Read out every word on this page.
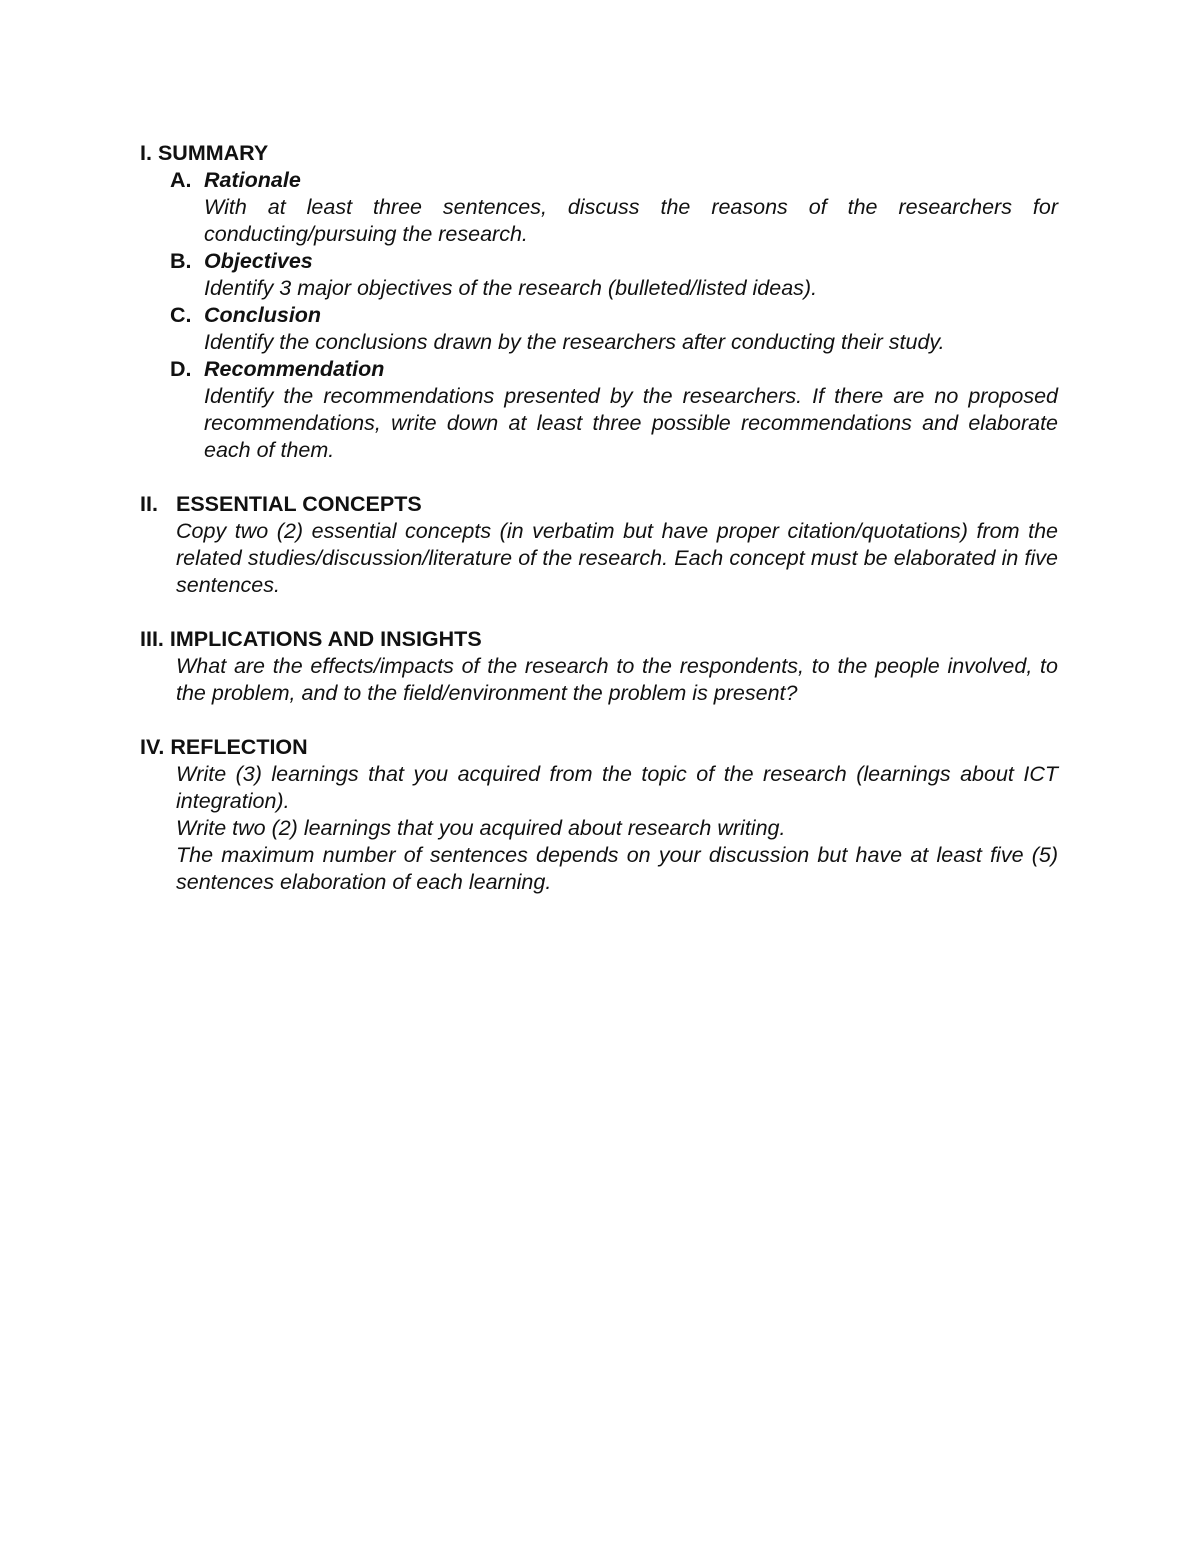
I. SUMMARY
A. Rationale
With at least three sentences, discuss the reasons of the researchers for conducting/pursuing the research.
B. Objectives
Identify 3 major objectives of the research (bulleted/listed ideas).
C. Conclusion
Identify the conclusions drawn by the researchers after conducting their study.
D. Recommendation
Identify the recommendations presented by the researchers. If there are no proposed recommendations, write down at least three possible recommendations and elaborate each of them.
II. ESSENTIAL CONCEPTS
Copy two (2) essential concepts (in verbatim but have proper citation/quotations) from the related studies/discussion/literature of the research. Each concept must be elaborated in five sentences.
III. IMPLICATIONS AND INSIGHTS
What are the effects/impacts of the research to the respondents, to the people involved, to the problem, and to the field/environment the problem is present?
IV. REFLECTION
Write (3) learnings that you acquired from the topic of the research (learnings about ICT integration).
Write two (2) learnings that you acquired about research writing.
The maximum number of sentences depends on your discussion but have at least five (5) sentences elaboration of each learning.
